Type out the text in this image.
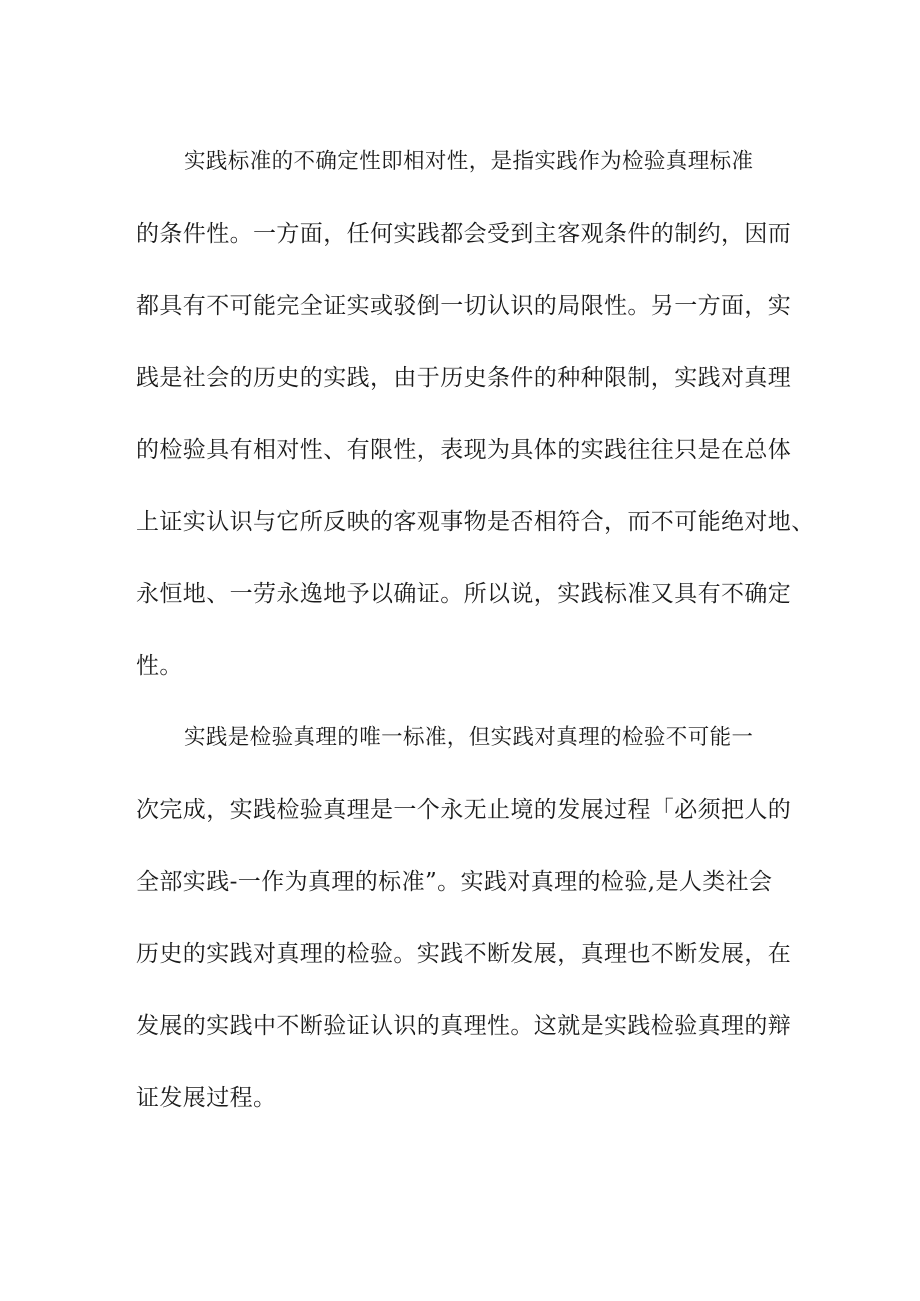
实践标准的不确定性即相对性，是指实践作为检验真理标准
的条件性。一方面，任何实践都会受到主客观条件的制约，因而
都具有不可能完全证实或驳倒一切认识的局限性。另一方面，实
践是社会的历史的实践，由于历史条件的种种限制，实践对真理
的检验具有相对性、有限性，表现为具体的实践往往只是在总体
上证实认识与它所反映的客观事物是否相符合，而不可能绝对地、
永恒地、一劳永逸地予以确证。所以说，实践标准又具有不确定
性。
实践是检验真理的唯一标准，但实践对真理的检验不可能一
次完成，实践检验真理是一个永无止境的发展过程「必须把人的
全部实践-一作为真理的标准”。实践对真理的检验,是人类社会
历史的实践对真理的检验。实践不断发展，真理也不断发展，在
发展的实践中不断验证认识的真理性。这就是实践检验真理的辩
证发展过程。
